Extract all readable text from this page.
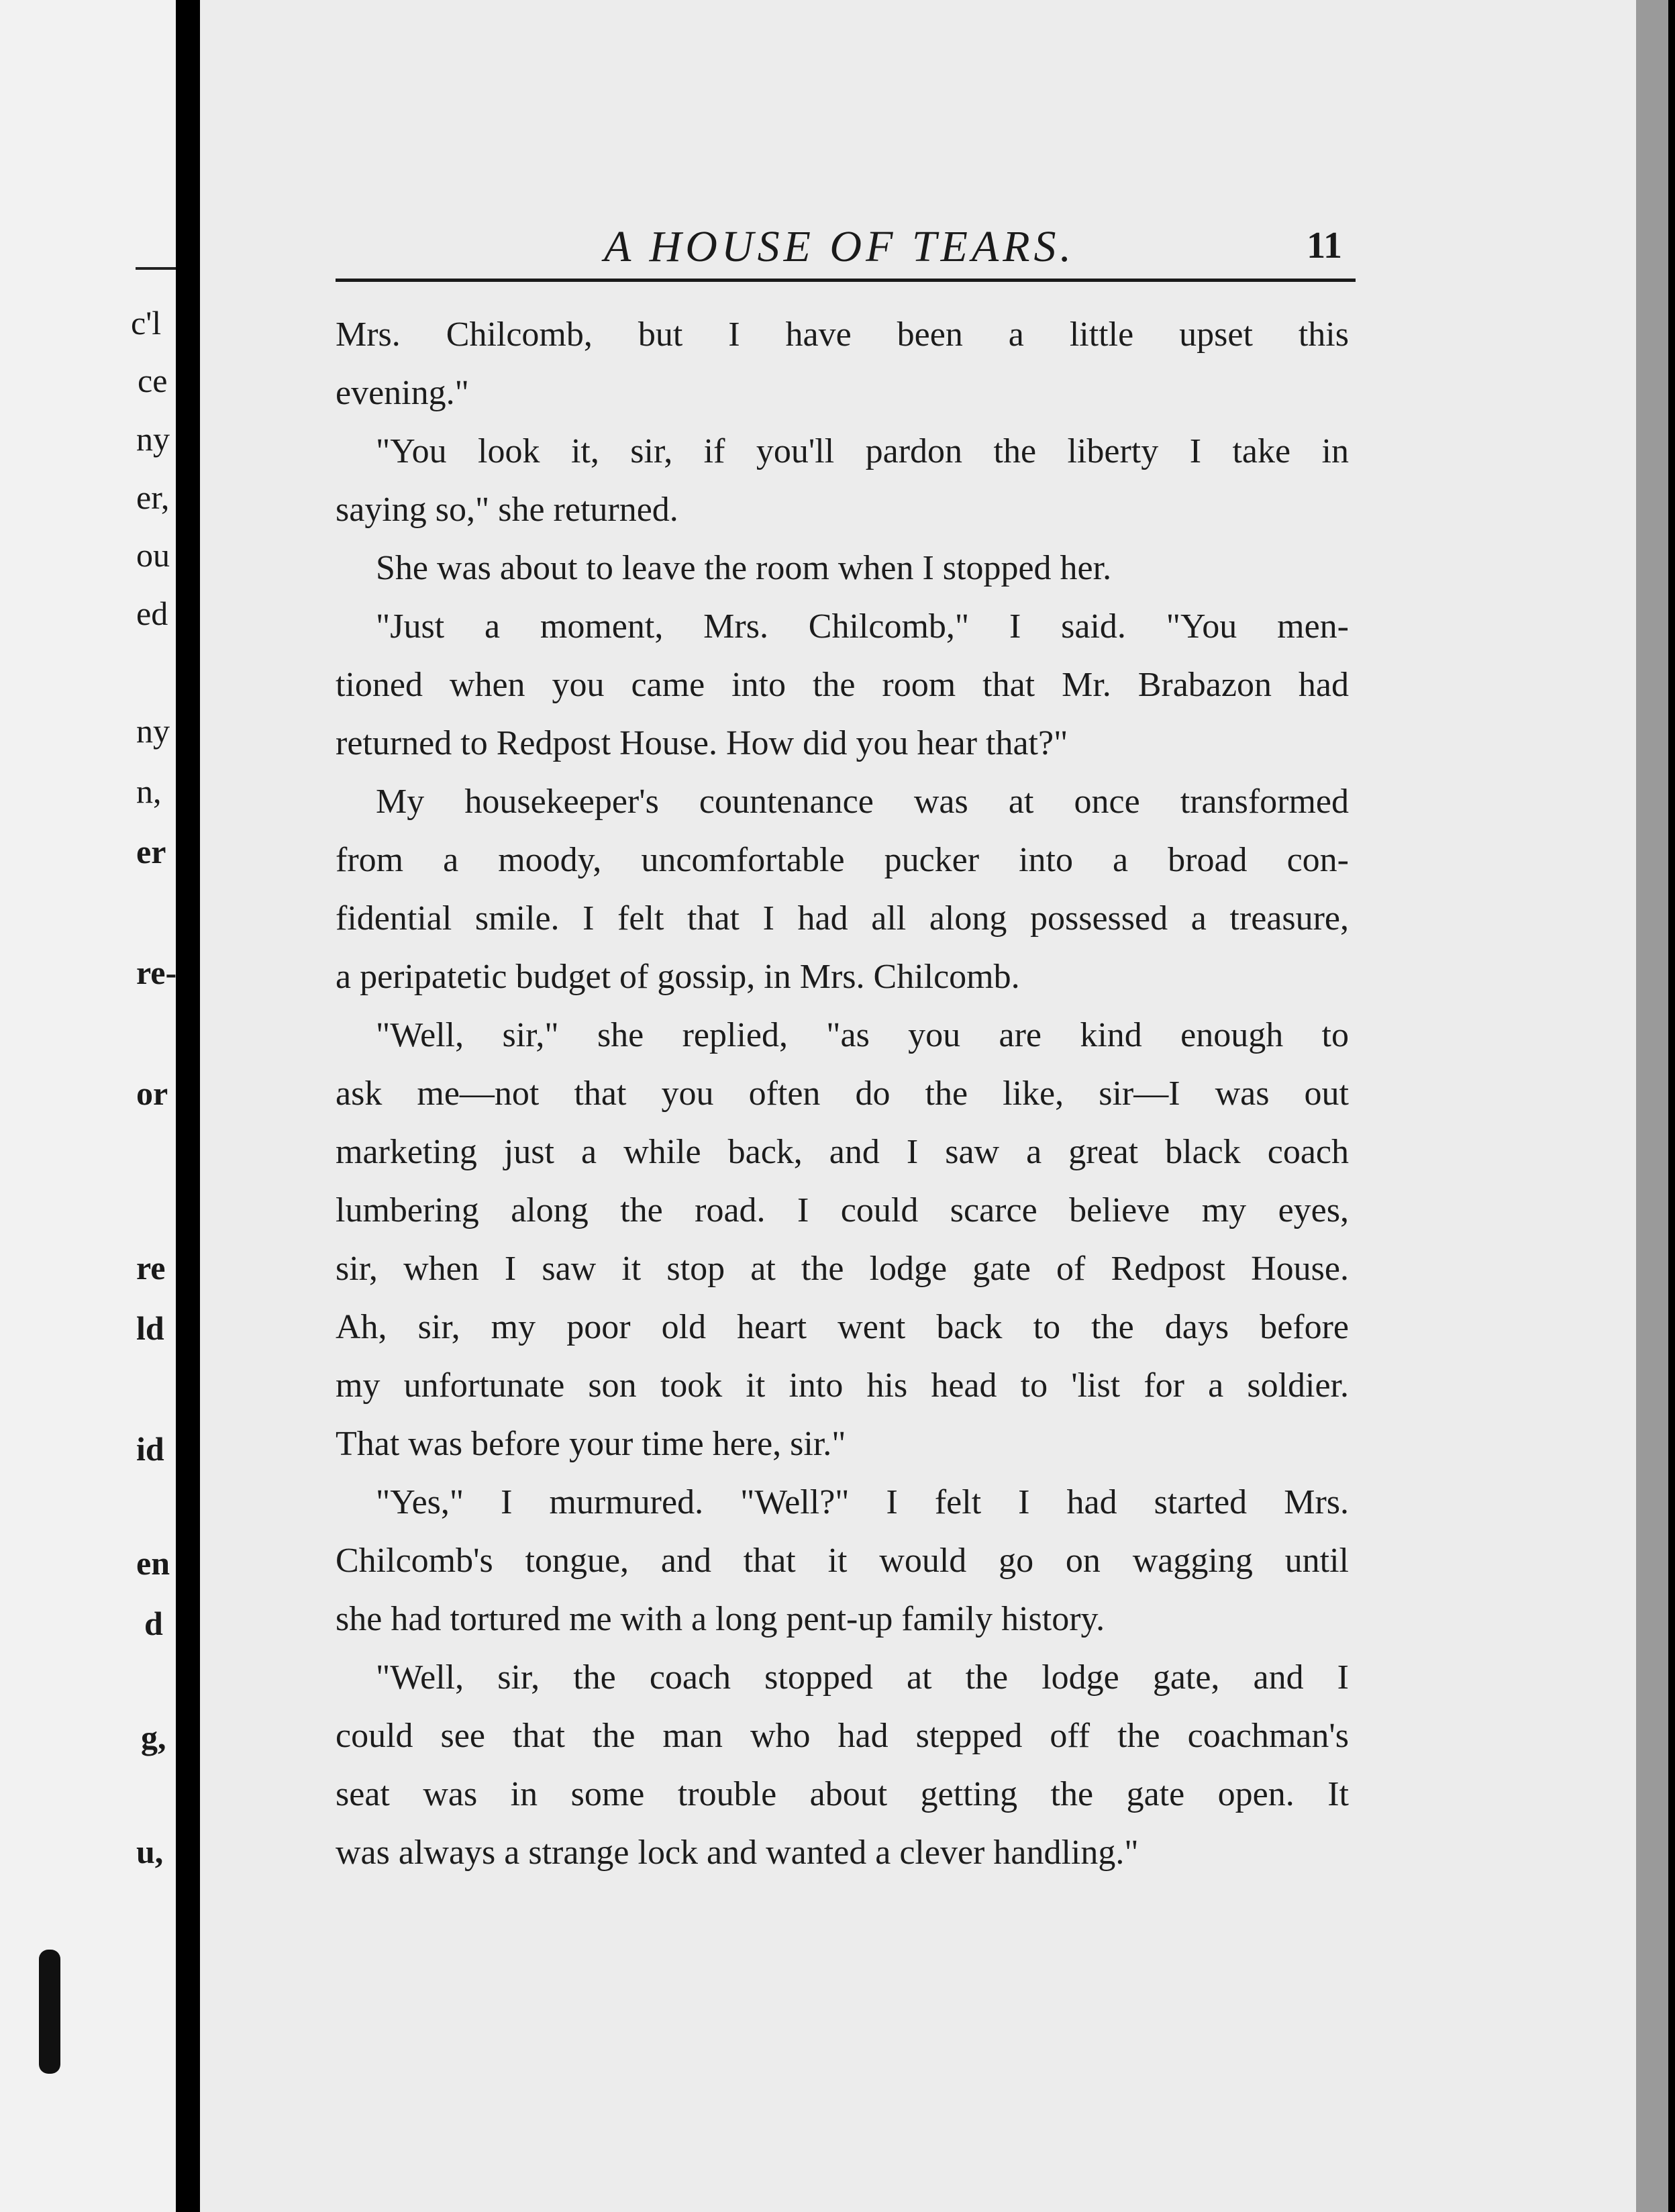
c'l
ce
ny
er,
ou
ed
ny
n,
er
re-
or
re
ld
id
en
d
g,
u,
A HOUSE OF TEARS.	11
Mrs. Chilcomb, but I have been a little upset this
evening."
"You look it, sir, if you'll pardon the liberty I take in
saying so," she returned.
She was about to leave the room when I stopped her.
"Just a moment, Mrs. Chilcomb," I said. "You men-
tioned when you came into the room that Mr. Brabazon had
returned to Redpost House. How did you hear that?"
My housekeeper's countenance was at once transformed
from a moody, uncomfortable pucker into a broad con-
fidential smile. I felt that I had all along possessed a treasure,
a peripatetic budget of gossip, in Mrs. Chilcomb.
"Well, sir," she replied, "as you are kind enough to
ask me—not that you often do the like, sir—I was out
marketing just a while back, and I saw a great black coach
lumbering along the road. I could scarce believe my eyes,
sir, when I saw it stop at the lodge gate of Redpost House.
Ah, sir, my poor old heart went back to the days before
my unfortunate son took it into his head to 'list for a soldier.
That was before your time here, sir."
"Yes," I murmured. "Well?" I felt I had started Mrs.
Chilcomb's tongue, and that it would go on wagging until
she had tortured me with a long pent-up family history.
"Well, sir, the coach stopped at the lodge gate, and I
could see that the man who had stepped off the coachman's
seat was in some trouble about getting the gate open. It
was always a strange lock and wanted a clever handling."
